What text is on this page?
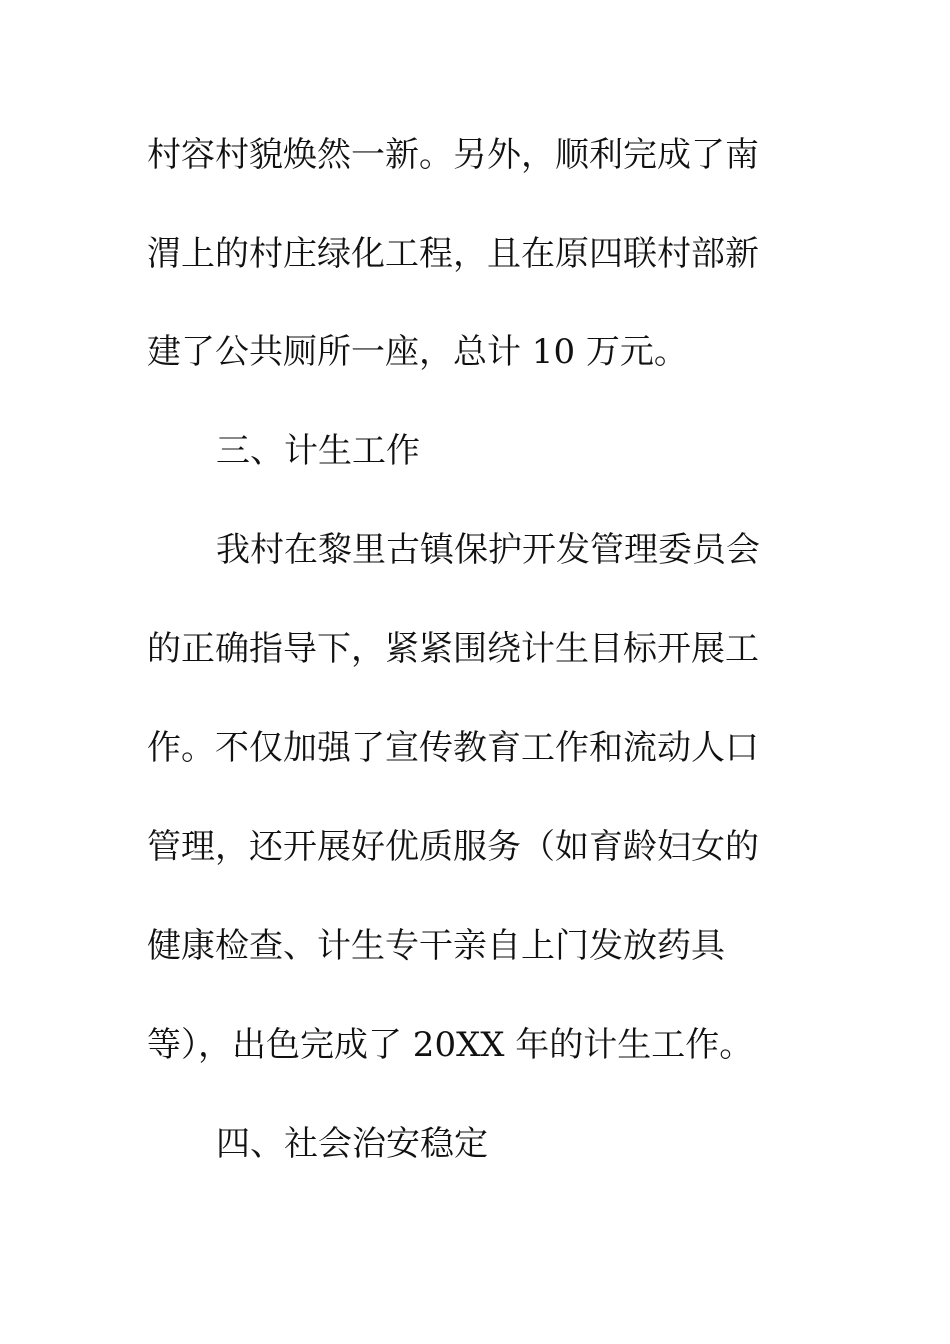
村容村貌焕然一新。另外，顺利完成了南
渭上的村庄绿化工程，且在原四联村部新
建了公共厕所一座，总计 10 万元。
三、计生工作
我村在黎里古镇保护开发管理委员会
的正确指导下，紧紧围绕计生目标开展工
作。不仅加强了宣传教育工作和流动人口
管理，还开展好优质服务（如育龄妇女的
健康检查、计生专干亲自上门发放药具
等），出色完成了 20XX 年的计生工作。
四、社会治安稳定
